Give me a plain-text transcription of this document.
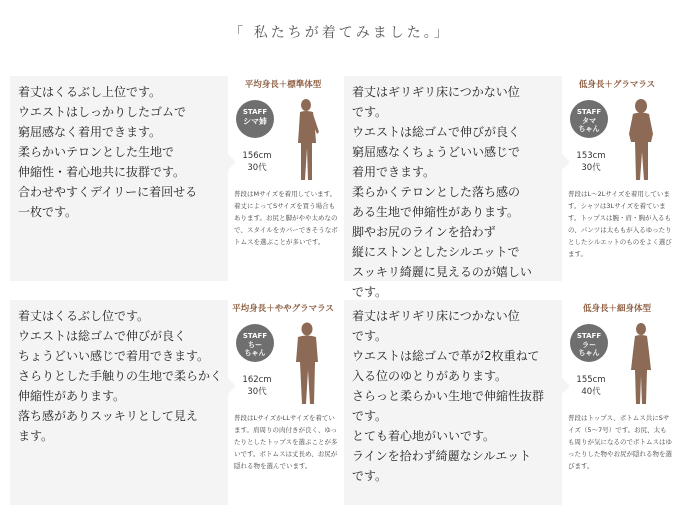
「 私たちが着てみました。」
着丈はくるぶし上位です。
ウエストはしっかりしたゴムで
窮屈感なく着用できます。
柔らかいテロンとした生地で
伸縮性・着心地共に抜群です。
合わせやすくデイリーに着回せる
一枚です。
平均身長＋標準体型
STAFF
シマ姉
156cm
30代
普段はMサイズを着用しています。着丈によってSサイズを買う場合もあります。お尻と脚がやや太めなので、スタイルをカバーできそうなボトムスを選ぶことが多いです。
着丈はギリギリ床につかない位
です。
ウエストは総ゴムで伸びが良く
窮屈感なくちょうどいい感じで
着用できます。
柔らかくテロンとした落ち感の
ある生地で伸縮性があります。
脚やお尻のラインを拾わず
縦にストンとしたシルエットで
スッキリ綺麗に見えるのが嬉しい
です。
低身長＋グラマラス
STAFF
タマ
ちゃん
153cm
30代
普段はL～2Lサイズを着用しています。シャツは3Lサイズを着ています。トップスは腕・肩・胸が入るもの、パンツは太ももが入るゆったりとしたシルエットのものをよく選びます。
着丈はくるぶし位です。
ウエストは総ゴムで伸びが良く
ちょうどいい感じで着用できます。
さらりとした手触りの生地で柔らかく
伸縮性があります。
落ち感がありスッキリとして見え
ます。
平均身長＋ややグラマラス
STAFF
ちー
ちゃん
162cm
30代
普段はLサイズかLLサイズを着ています。肩周りの肉付きが良く、ゆったりとしたトップスを選ぶことが多いです。ボトムスは丈長め、お尻が隠れる物を選んでいます。
着丈はギリギリ床につかない位
です。
ウエストは総ゴムで革が2枚重ねて
入る位のゆとりがあります。
さらっと柔らかい生地で伸縮性抜群
です。
とても着心地がいいです。
ラインを拾わず綺麗なシルエット
です。
低身長＋細身体型
STAFF
ラー
ちゃん
155cm
40代
普段はトップス、ボトムス共にSサイズ（5～7号）です。お尻、太もも周りが気になるのでボトムスはゆったりした物やお尻が隠れる物を選びます。
